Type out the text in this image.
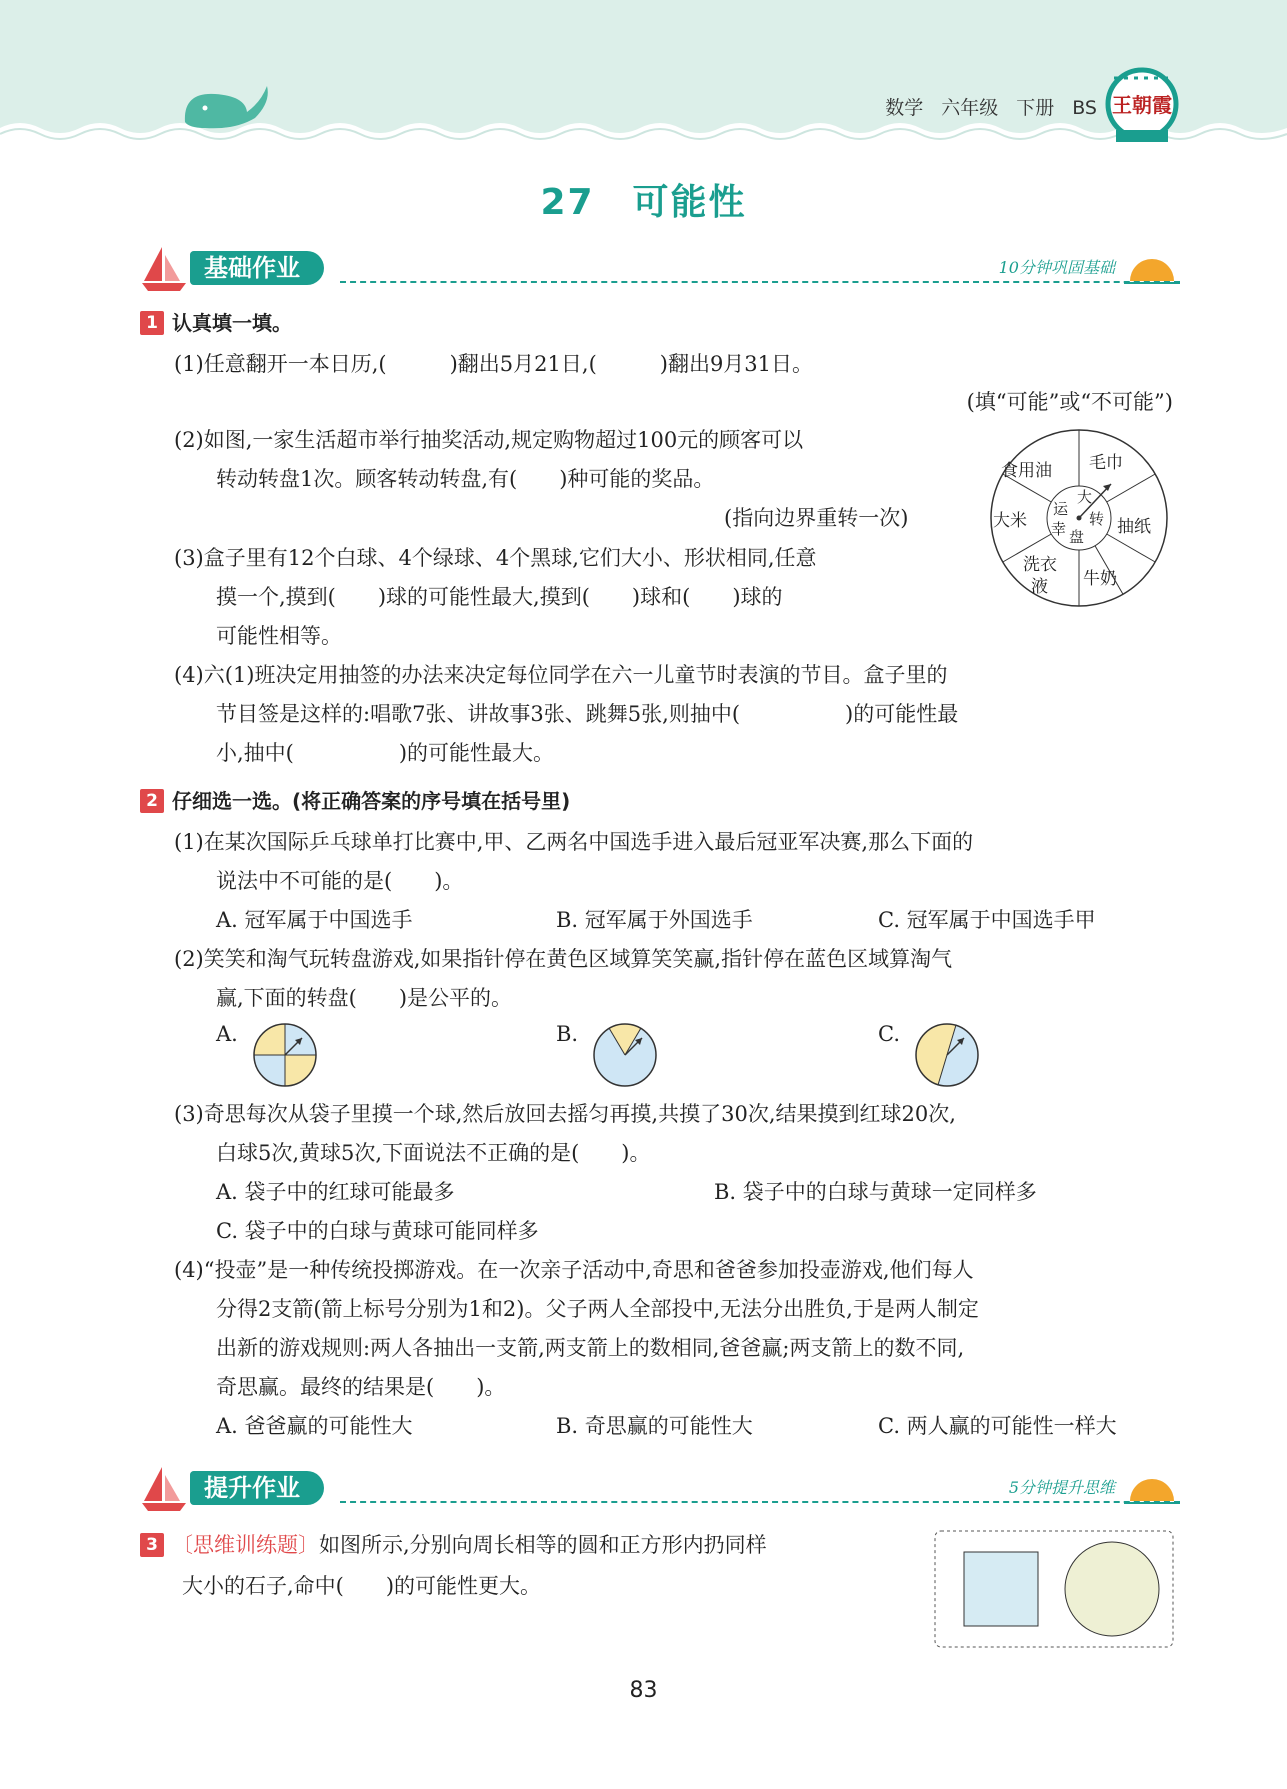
数学 六年级 下册 BS 王朝霞
27　可能性
基础作业	10分钟巩固基础
1 认真填一填。
(1)任意翻开一本日历,(　　　)翻出5月21日,(　　　)翻出9月31日。
(填“可能”或“不可能”)
(2)如图,一家生活超市举行抽奖活动,规定购物超过100元的顾客可以
转动转盘1次。顾客转动转盘,有(　　)种可能的奖品。
(指向边界重转一次)
(3)盒子里有12个白球、4个绿球、4个黑球,它们大小、形状相同,任意
摸一个,摸到(　　)球的可能性最大,摸到(　　)球和(　　)球的
可能性相等。
(4)六(1)班决定用抽签的办法来决定每位同学在六一儿童节时表演的节目。盒子里的
节目签是这样的:唱歌7张、讲故事3张、跳舞5张,则抽中(　　　　　)的可能性最
小,抽中(　　　　　)的可能性最大。
食用油 毛巾
抽纸
牛奶
洗衣
液
大米
大
运
转
幸 盘
2 仔细选一选。(将正确答案的序号填在括号里)
(1)在某次国际乒乓球单打比赛中,甲、乙两名中国选手进入最后冠亚军决赛,那么下面的
说法中不可能的是(　　)。
A. 冠军属于中国选手	B. 冠军属于外国选手	C. 冠军属于中国选手甲
(2)笑笑和淘气玩转盘游戏,如果指针停在黄色区域算笑笑赢,指针停在蓝色区域算淘气
赢,下面的转盘(　　)是公平的。
A.	B.	C.
(3)奇思每次从袋子里摸一个球,然后放回去摇匀再摸,共摸了30次,结果摸到红球20次,
白球5次,黄球5次,下面说法不正确的是(　　)。
A. 袋子中的红球可能最多	B. 袋子中的白球与黄球一定同样多
C. 袋子中的白球与黄球可能同样多
(4)“投壶”是一种传统投掷游戏。在一次亲子活动中,奇思和爸爸参加投壶游戏,他们每人
分得2支箭(箭上标号分别为1和2)。父子两人全部投中,无法分出胜负,于是两人制定
出新的游戏规则:两人各抽出一支箭,两支箭上的数相同,爸爸赢;两支箭上的数不同,
奇思赢。最终的结果是(　　)。
A. 爸爸赢的可能性大	B. 奇思赢的可能性大	C. 两人赢的可能性一样大
提升作业	5分钟提升思维
3 〔思维训练题〕如图所示,分别向周长相等的圆和正方形内扔同样
大小的石子,命中(　　)的可能性更大。
83
